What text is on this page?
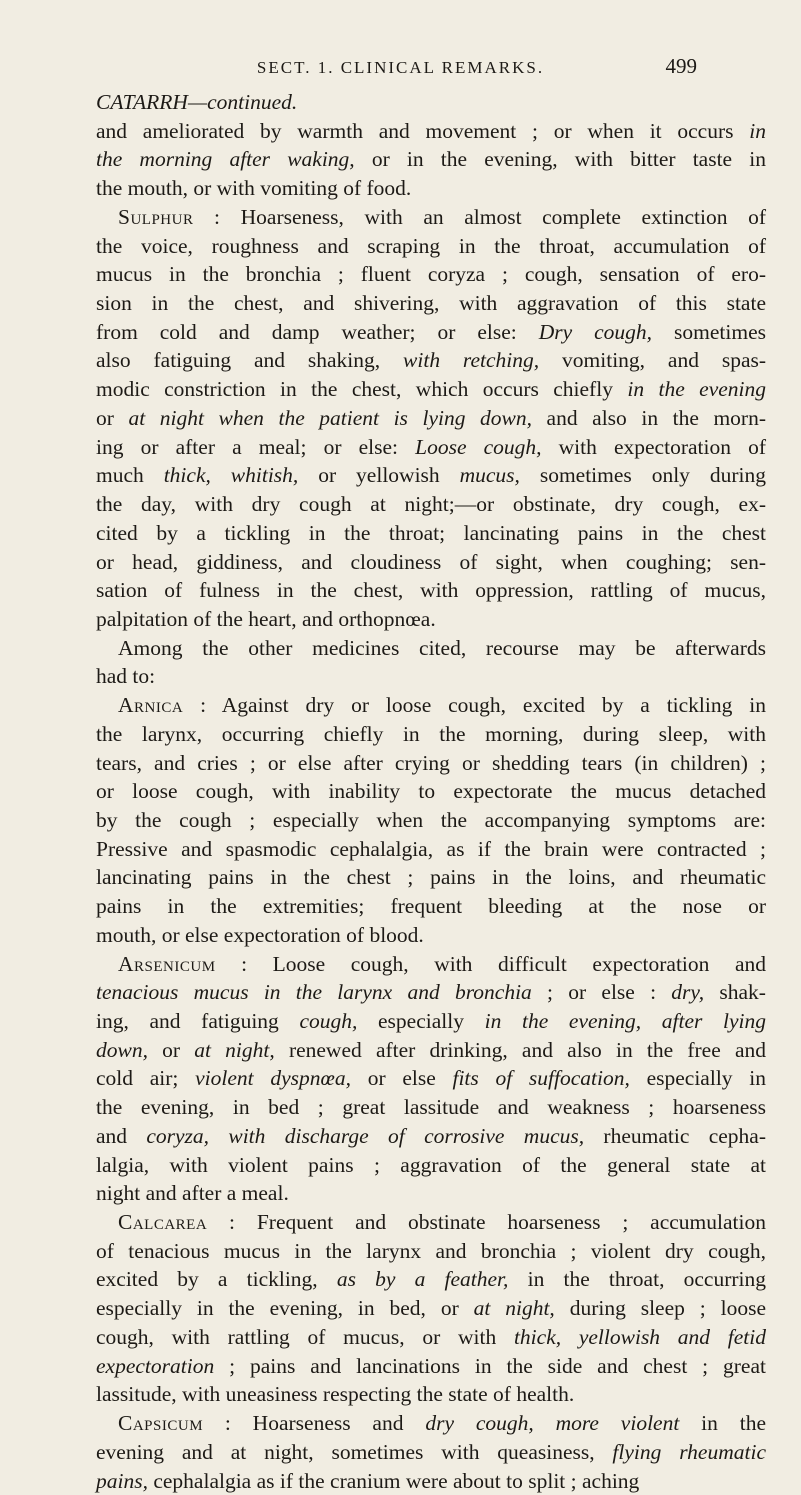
SECT. 1. CLINICAL REMARKS.	499
CATARRH—continued.
and ameliorated by warmth and movement ; or when it occurs in
the morning after waking, or in the evening, with bitter taste in
the mouth, or with vomiting of food.
Sulphur : Hoarseness, with an almost complete extinction of
the voice, roughness and scraping in the throat, accumulation of
mucus in the bronchia ; fluent coryza ; cough, sensation of ero-
sion in the chest, and shivering, with aggravation of this state
from cold and damp weather; or else: Dry cough, sometimes
also fatiguing and shaking, with retching, vomiting, and spas-
modic constriction in the chest, which occurs chiefly in the evening
or at night when the patient is lying down, and also in the morn-
ing or after a meal; or else: Loose cough, with expectoration of
much thick, whitish, or yellowish mucus, sometimes only during
the day, with dry cough at night;—or obstinate, dry cough, ex-
cited by a tickling in the throat; lancinating pains in the chest
or head, giddiness, and cloudiness of sight, when coughing; sen-
sation of fulness in the chest, with oppression, rattling of mucus,
palpitation of the heart, and orthopnœa.
Among the other medicines cited, recourse may be afterwards
had to:
Arnica : Against dry or loose cough, excited by a tickling in
the larynx, occurring chiefly in the morning, during sleep, with
tears, and cries ; or else after crying or shedding tears (in children) ;
or loose cough, with inability to expectorate the mucus detached
by the cough ; especially when the accompanying symptoms are:
Pressive and spasmodic cephalalgia, as if the brain were contracted ;
lancinating pains in the chest ; pains in the loins, and rheumatic
pains in the extremities; frequent bleeding at the nose or
mouth, or else expectoration of blood.
Arsenicum : Loose cough, with difficult expectoration and
tenacious mucus in the larynx and bronchia ; or else : dry, shak-
ing, and fatiguing cough, especially in the evening, after lying
down, or at night, renewed after drinking, and also in the free and
cold air; violent dyspnœa, or else fits of suffocation, especially in
the evening, in bed ; great lassitude and weakness ; hoarseness
and coryza, with discharge of corrosive mucus, rheumatic cepha-
lalgia, with violent pains ; aggravation of the general state at
night and after a meal.
Calcarea : Frequent and obstinate hoarseness ; accumulation
of tenacious mucus in the larynx and bronchia ; violent dry cough,
excited by a tickling, as by a feather, in the throat, occurring
especially in the evening, in bed, or at night, during sleep ; loose
cough, with rattling of mucus, or with thick, yellowish and fetid
expectoration ; pains and lancinations in the side and chest ; great
lassitude, with uneasiness respecting the state of health.
Capsicum : Hoarseness and dry cough, more violent in the
evening and at night, sometimes with queasiness, flying rheumatic
pains, cephalalgia as if the cranium were about to split ; aching
